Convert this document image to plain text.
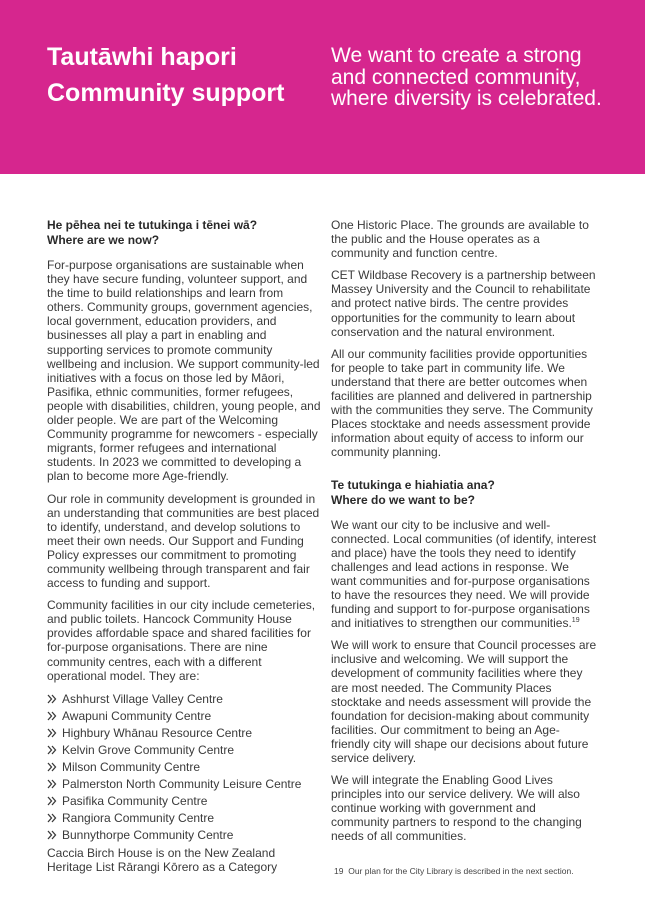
Tautāwhi hapori
Community support
We want to create a strong and connected community, where diversity is celebrated.
He pēhea nei te tutukinga i tēnei wā?
Where are we now?

For-purpose organisations are sustainable when they have secure funding, volunteer support, and the time to build relationships and learn from others. Community groups, government agencies, local government, education providers, and businesses all play a part in enabling and supporting services to promote community wellbeing and inclusion. We support community-led initiatives with a focus on those led by Māori, Pasifika, ethnic communities, former refugees, people with disabilities, children, young people, and older people. We are part of the Welcoming Community programme for newcomers - especially migrants, former refugees and international students. In 2023 we committed to developing a plan to become more Age-friendly.

Our role in community development is grounded in an understanding that communities are best placed to identify, understand, and develop solutions to meet their own needs. Our Support and Funding Policy expresses our commitment to promoting community wellbeing through transparent and fair access to funding and support.

Community facilities in our city include cemeteries, and public toilets. Hancock Community House provides affordable space and shared facilities for for-purpose organisations. There are nine community centres, each with a different operational model. They are:

Ashhurst Village Valley Centre
Awapuni Community Centre
Highbury Whānau Resource Centre
Kelvin Grove Community Centre
Milson Community Centre
Palmerston North Community Leisure Centre
Pasifika Community Centre
Rangiora Community Centre
Bunnythorpe Community Centre

Caccia Birch House is on the New Zealand Heritage List Rārangi Kōrero as a Category

One Historic Place. The grounds are available to the public and the House operates as a community and function centre.

CET Wildbase Recovery is a partnership between Massey University and the Council to rehabilitate and protect native birds. The centre provides opportunities for the community to learn about conservation and the natural environment.

All our community facilities provide opportunities for people to take part in community life. We understand that there are better outcomes when facilities are planned and delivered in partnership with the communities they serve. The Community Places stocktake and needs assessment provide information about equity of access to inform our community planning.

Te tutukinga e hiahiatia ana?
Where do we want to be?

We want our city to be inclusive and well-connected. Local communities (of identify, interest and place) have the tools they need to identify challenges and lead actions in response. We want communities and for-purpose organisations to have the resources they need. We will provide funding and support to for-purpose organisations and initiatives to strengthen our communities.$^{19}$

We will work to ensure that Council processes are inclusive and welcoming. We will support the development of community facilities where they are most needed. The Community Places stocktake and needs assessment will provide the foundation for decision-making about community facilities. Our commitment to being an Age-friendly city will shape our decisions about future service delivery.

We will integrate the Enabling Good Lives principles into our service delivery. We will also continue working with government and community partners to respond to the changing needs of all communities.

19 Our plan for the City Library is described in the next section.
